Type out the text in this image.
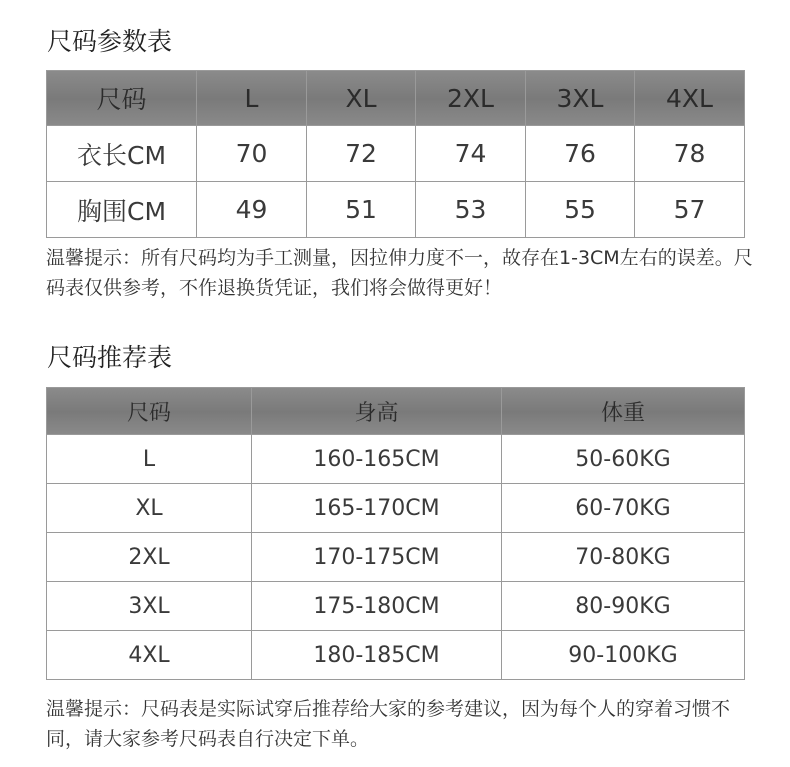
尺码参数表
尺码	L	XL	2XL	3XL	4XL
衣长CM	70	72	74	76	78
胸围CM	49	51	53	55	57
温馨提示：所有尺码均为手工测量，因拉伸力度不一，故存在1-3CM左右的误差。尺码表仅供参考，不作退换货凭证，我们将会做得更好！
尺码推荐表
尺码	身高	体重
L	160-165CM	50-60KG
XL	165-170CM	60-70KG
2XL	170-175CM	70-80KG
3XL	175-180CM	80-90KG
4XL	180-185CM	90-100KG
温馨提示：尺码表是实际试穿后推荐给大家的参考建议，因为每个人的穿着习惯不同，请大家参考尺码表自行决定下单。
